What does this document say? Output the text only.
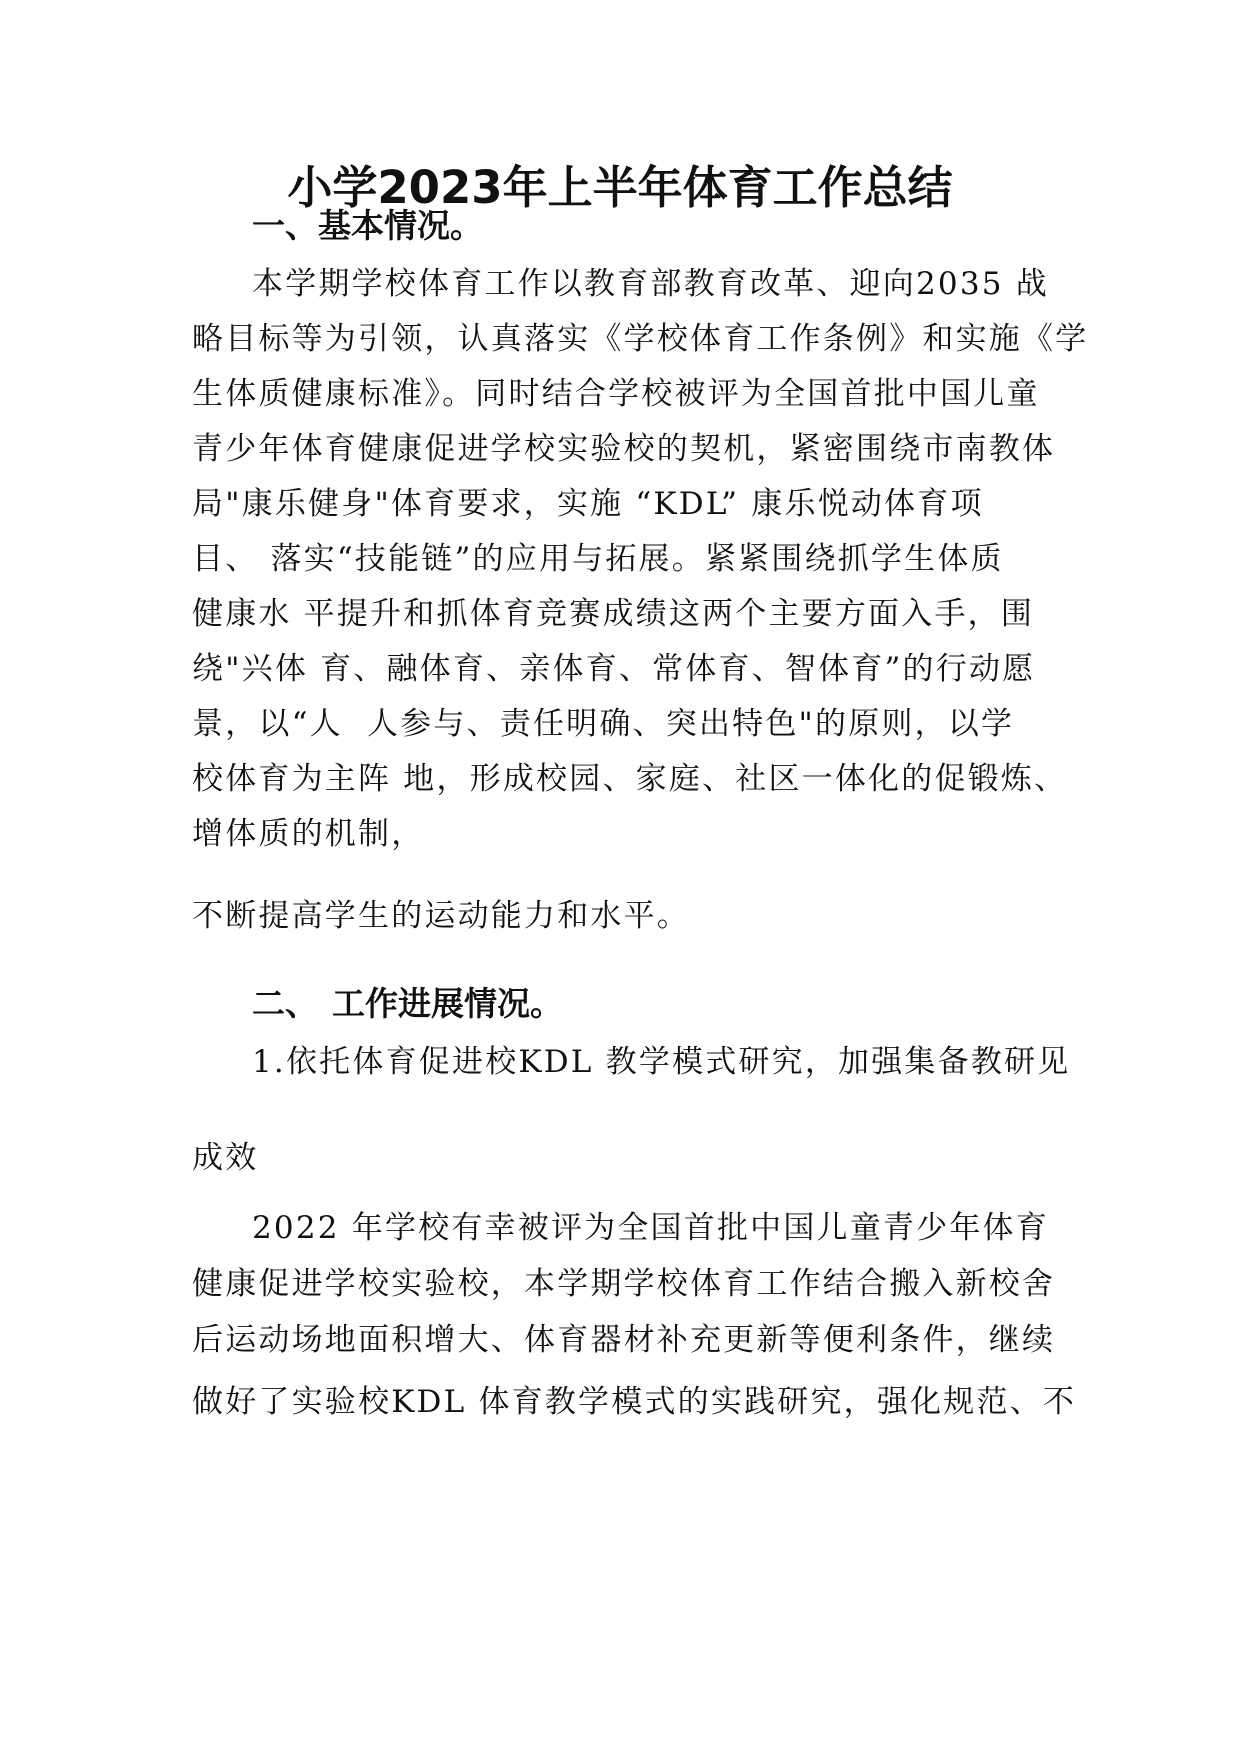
小学2023年上半年体育工作总结
一、基本情况。

本学期学校体育工作以教育部教育改革、迎向2035 战

略目标等为引领，认真落实《学校体育工作条例》和实施《学

生体质健康标准》。同时结合学校被评为全国首批中国儿童

青少年体育健康促进学校实验校的契机，紧密围绕市南教体

局"康乐健身"体育要求，实施 “KDL” 康乐悦动体育项

目、 落实“技能链”的应用与拓展。紧紧围绕抓学生体质

健康水 平提升和抓体育竞赛成绩这两个主要方面入手，围

绕"兴体 育、融体育、亲体育、常体育、智体育”的行动愿

景，以“人  人参与、责任明确、突出特色"的原则，以学

校体育为主阵 地，形成校园、家庭、社区一体化的促锻炼、

增体质的机制，

不断提高学生的运动能力和水平。

二、 工作进展情况。

1.依托体育促进校KDL 教学模式研究，加强集备教研见

成效

2022 年学校有幸被评为全国首批中国儿童青少年体育

健康促进学校实验校，本学期学校体育工作结合搬入新校舍

后运动场地面积增大、体育器材补充更新等便利条件，继续

做好了实验校KDL 体育教学模式的实践研究，强化规范、不
